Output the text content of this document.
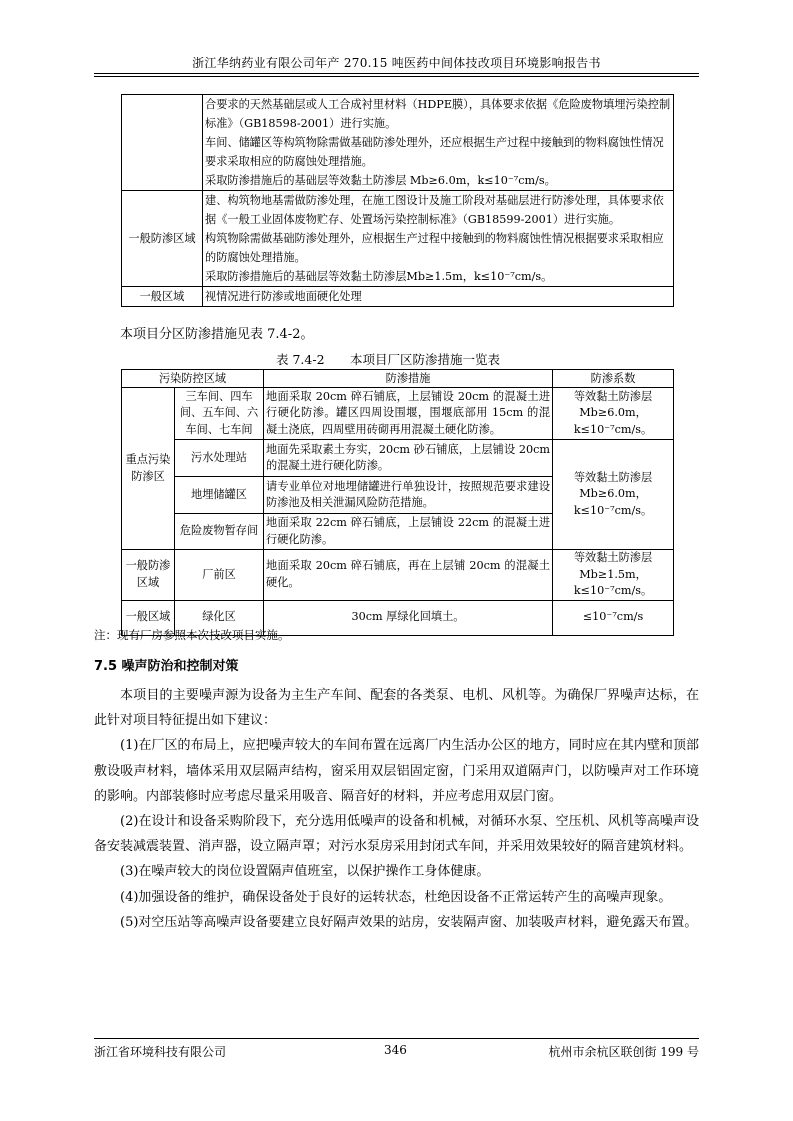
浙江华纳药业有限公司年产 270.15 吨医药中间体技改项目环境影响报告书

	合要求的天然基础层或人工合成衬里材料（HDPE膜），具体要求依据《危险废物填埋污染控制标准》（GB18598-2001）进行实施。

车间、储罐区等构筑物除需做基础防渗处理外，还应根据生产过程中接触到的物料腐蚀性情况要求采取相应的防腐蚀处理措施。

采取防渗措施后的基础层等效黏土防渗层 Mb≥6.0m，k≤10⁻⁷cm/s。

一般防渗区域	建、构筑物地基需做防渗处理，在施工图设计及施工阶段对基础层进行防渗处理，具体要求依据《一般工业固体废物贮存、处置场污染控制标准》（GB18599-2001）进行实施。

构筑物除需做基础防渗处理外，应根据生产过程中接触到的物料腐蚀性情况根据要求采取相应的防腐蚀处理措施。

采取防渗措施后的基础层等效黏土防渗层Mb≥1.5m，k≤10⁻⁷cm/s。

一般区域	视情况进行防渗或地面硬化处理

本项目分区防渗措施见表 7.4-2。
表 7.4-2 本项目厂区防渗措施一览表
污染防控区域		防渗措施	防渗系数
重点污染防渗区	三车间、四车间、五车间、六车间、七车间	地面采取 20cm 碎石铺底，上层铺设 20cm 的混凝土进行硬化防渗。罐区四周设围堰，围堰底部用 15cm 的混凝土浇底，四周壁用砖砌再用混凝土硬化防渗。	等效黏土防渗层 Mb≥6.0m，k≤10⁻⁷cm/s。
	污水处理站	地面先采取素土夯实，20cm 砂石铺底，上层铺设 20cm 的混凝土进行硬化防渗。	等效黏土防渗层 Mb≥6.0m，k≤10⁻⁷cm/s。
	地埋储罐区	请专业单位对地埋储罐进行单独设计，按照规范要求建设防渗池及相关泄漏风险防范措施。	
	危险废物暂存间	地面采取 22cm 碎石铺底，上层铺设 22cm 的混凝土进行硬化防渗。	
一般防渗区域	厂前区	地面采取 20cm 碎石铺底，再在上层铺 20cm 的混凝土硬化。	等效黏土防渗层 Mb≥1.5m，k≤10⁻⁷cm/s。
一般区域	绿化区	30cm 厚绿化回填土。	≤10⁻⁷cm/s
注：现有厂房参照本次技改项目实施。
7.5 噪声防治和控制对策

本项目的主要噪声源为设备为主生产车间、配套的各类泵、电机、风机等。为确保厂界噪声达标，在此针对项目特征提出如下建议：

(1)在厂区的布局上，应把噪声较大的车间布置在远离厂内生活办公区的地方，同时应在其内壁和顶部敷设吸声材料，墙体采用双层隔声结构，窗采用双层铝固定窗，门采用双道隔声门，以防噪声对工作环境的影响。内部装修时应考虑尽量采用吸音、隔音好的材料，并应考虑用双层门窗。

(2)在设计和设备采购阶段下，充分选用低噪声的设备和机械，对循环水泵、空压机、风机等高噪声设备安装减震装置、消声器，设立隔声罩；对污水泵房采用封闭式车间，并采用效果较好的隔音建筑材料。

(3)在噪声较大的岗位设置隔声值班室，以保护操作工身体健康。

(4)加强设备的维护，确保设备处于良好的运转状态，杜绝因设备不正常运转产生的高噪声现象。

(5)对空压站等高噪声设备要建立良好隔声效果的站房，安装隔声窗、加装吸声材料，避免露天布置。

浙江省环境科技有限公司	346	杭州市余杭区联创街 199 号
